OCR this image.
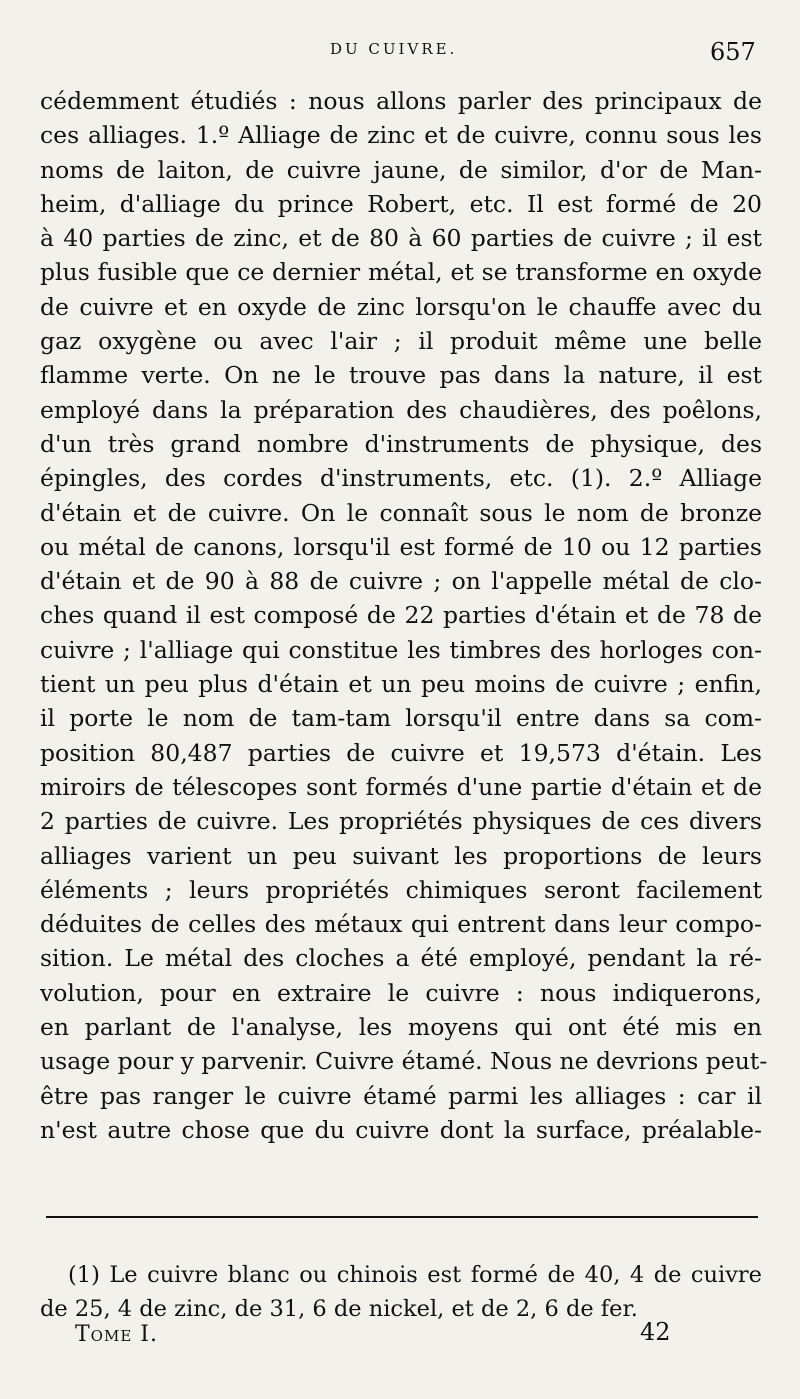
DU CUIVRE.	657
cédemment étudiés : nous allons parler des principaux de
ces alliages. 1.º Alliage de zinc et de cuivre, connu sous les
noms de laiton, de cuivre jaune, de similor, d'or de Man-
heim, d'alliage du prince Robert, etc. Il est formé de 20
à 40 parties de zinc, et de 80 à 60 parties de cuivre ; il est
plus fusible que ce dernier métal, et se transforme en oxyde
de cuivre et en oxyde de zinc lorsqu'on le chauffe avec du
gaz oxygène ou avec l'air ; il produit même une belle
flamme verte. On ne le trouve pas dans la nature, il est
employé dans la préparation des chaudières, des poêlons,
d'un très grand nombre d'instruments de physique, des
épingles, des cordes d'instruments, etc. (1). 2.º Alliage
d'étain et de cuivre. On le connaît sous le nom de bronze
ou métal de canons, lorsqu'il est formé de 10 ou 12 parties
d'étain et de 90 à 88 de cuivre ; on l'appelle métal de clo-
ches quand il est composé de 22 parties d'étain et de 78 de
cuivre ; l'alliage qui constitue les timbres des horloges con-
tient un peu plus d'étain et un peu moins de cuivre ; enfin,
il porte le nom de tam-tam lorsqu'il entre dans sa com-
position 80,487 parties de cuivre et 19,573 d'étain. Les
miroirs de télescopes sont formés d'une partie d'étain et de
2 parties de cuivre. Les propriétés physiques de ces divers
alliages varient un peu suivant les proportions de leurs
éléments ; leurs propriétés chimiques seront facilement
déduites de celles des métaux qui entrent dans leur compo-
sition. Le métal des cloches a été employé, pendant la ré-
volution, pour en extraire le cuivre : nous indiquerons,
en parlant de l'analyse, les moyens qui ont été mis en
usage pour y parvenir. Cuivre étamé. Nous ne devrions peut-
être pas ranger le cuivre étamé parmi les alliages : car il
n'est autre chose que du cuivre dont la surface, préalable-
(1) Le cuivre blanc ou chinois est formé de 40, 4 de cuivre
de 25, 4 de zinc, de 31, 6 de nickel, et de 2, 6 de fer.
Tome I.	42
